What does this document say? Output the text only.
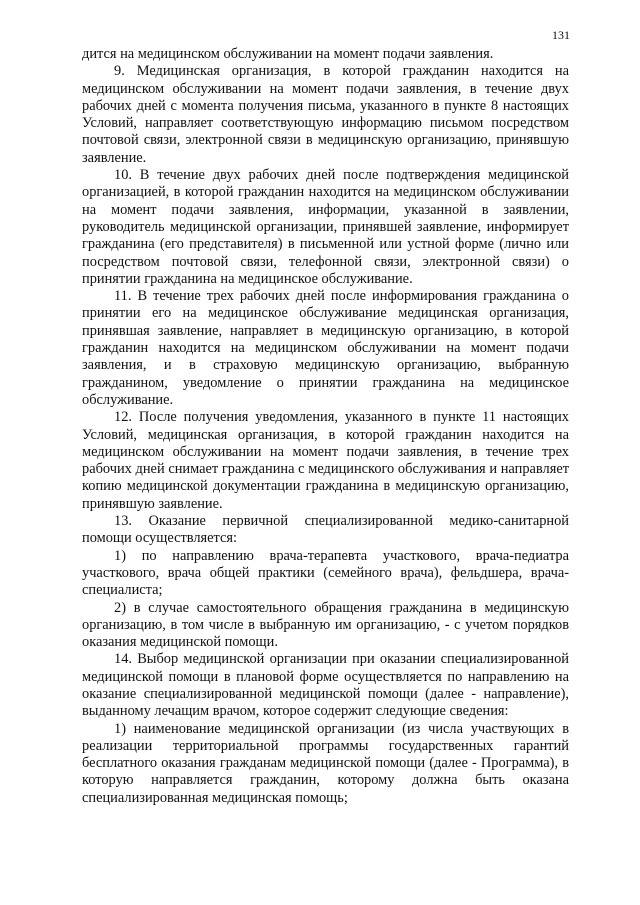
131

дится на медицинском обслуживании на момент подачи заявления.

9. Медицинская организация, в которой гражданин находится на медицинском обслуживании на момент подачи заявления, в течение двух рабочих дней с момента получения письма, указанного в пункте 8 настоящих Условий, направляет соответствующую информацию письмом посредством почтовой связи, электронной связи в медицинскую организацию, принявшую заявление.

10. В течение двух рабочих дней после подтверждения медицинской организацией, в которой гражданин находится на медицинском обслуживании на момент подачи заявления, информации, указанной в заявлении, руководитель медицинской организации, принявшей заявление, информирует гражданина (его представителя) в письменной или устной форме (лично или посредством почтовой связи, телефонной связи, электронной связи) о принятии гражданина на медицинское обслуживание.

11. В течение трех рабочих дней после информирования гражданина о принятии его на медицинское обслуживание медицинская организация, принявшая заявление, направляет в медицинскую организацию, в которой гражданин находится на медицинском обслуживании на момент подачи заявления, и в страховую медицинскую организацию, выбранную гражданином, уведомление о принятии гражданина на медицинское обслуживание.

12. После получения уведомления, указанного в пункте 11 настоящих Условий, медицинская организация, в которой гражданин находится на медицинском обслуживании на момент подачи заявления, в течение трех рабочих дней снимает гражданина с медицинского обслуживания и направляет копию медицинской документации гражданина в медицинскую организацию, принявшую заявление.

13. Оказание первичной специализированной медико-санитарной помощи осуществляется:

1) по направлению врача-терапевта участкового, врача-педиатра участкового, врача общей практики (семейного врача), фельдшера, врача-специалиста;

2) в случае самостоятельного обращения гражданина в медицинскую организацию, в том числе в выбранную им организацию, - с учетом порядков оказания медицинской помощи.

14. Выбор медицинской организации при оказании специализированной медицинской помощи в плановой форме осуществляется по направлению на оказание специализированной медицинской помощи (далее - направление), выданному лечащим врачом, которое содержит следующие сведения:

1) наименование медицинской организации (из числа участвующих в реализации территориальной программы государственных гарантий бесплатного оказания гражданам медицинской помощи (далее - Программа), в которую направляется гражданин, которому должна быть оказана специализированная медицинская помощь;
